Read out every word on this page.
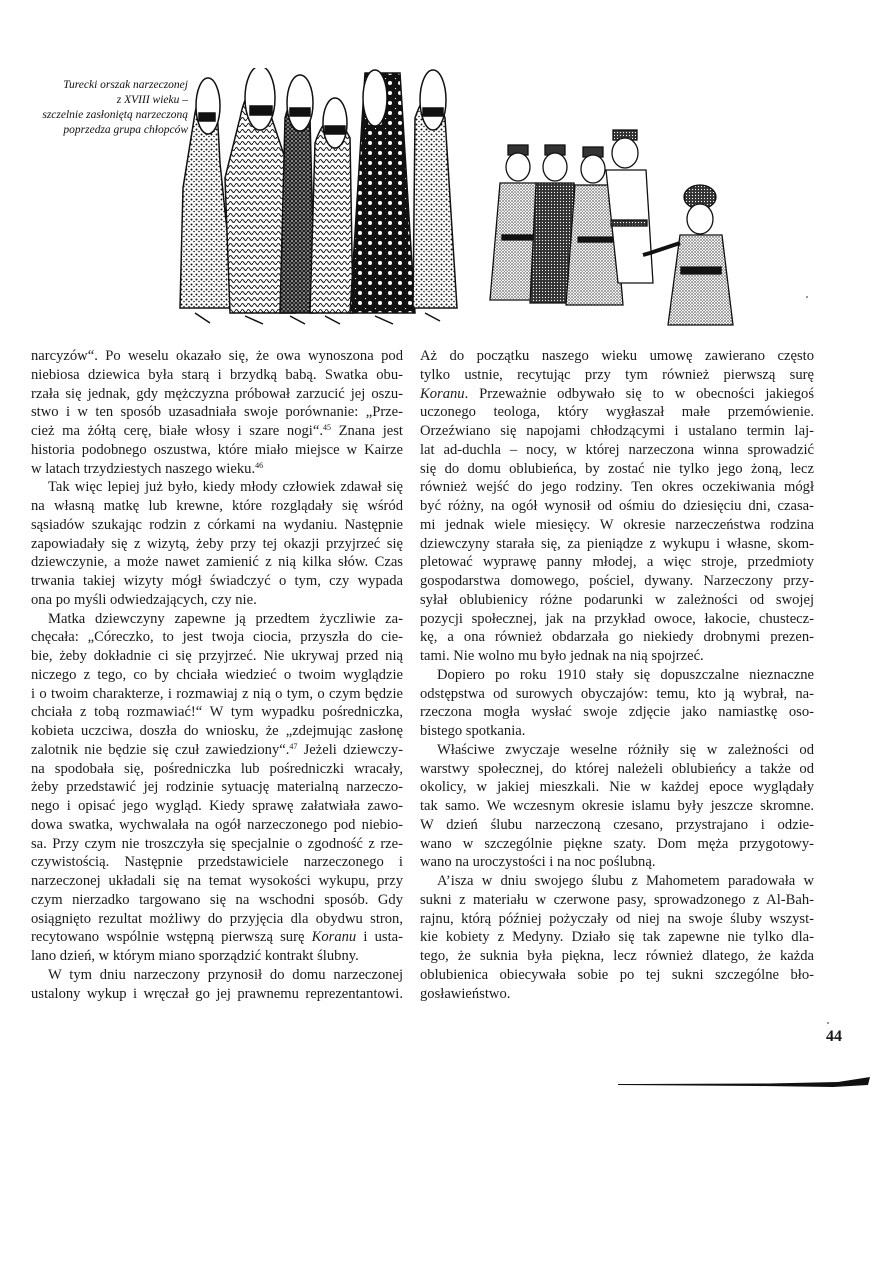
Turecki orszak narzeczonej
z XVIII wieku –
szczelnie zasłoniętą narzeczoną
poprzedza grupa chłopców
narcyzów“. Po weselu okazało się, że owa wynoszona pod
niebiosa dziewica była starą i brzydką babą. Swatka obu-
rzała się jednak, gdy mężczyzna próbował zarzucić jej oszu-
stwo i w ten sposób uzasadniała swoje porównanie: „Prze-
cież ma żółtą cerę, białe włosy i szare nogi“.$^{45}$ Znana jest
historia podobnego oszustwa, które miało miejsce w Kairze
w latach trzydziestych naszego wieku.$^{46}$
Tak więc lepiej już było, kiedy młody człowiek zdawał się
na własną matkę lub krewne, które rozglądały się wśród
sąsiadów szukając rodzin z córkami na wydaniu. Następnie
zapowiadały się z wizytą, żeby przy tej okazji przyjrzeć się
dziewczynie, a może nawet zamienić z nią kilka słów. Czas
trwania takiej wizyty mógł świadczyć o tym, czy wypada
ona po myśli odwiedzających, czy nie.
Matka dziewczyny zapewne ją przedtem życzliwie za-
chęcała: „Córeczko, to jest twoja ciocia, przyszła do cie-
bie, żeby dokładnie ci się przyjrzeć. Nie ukrywaj przed nią
niczego z tego, co by chciała wiedzieć o twoim wyglądzie
i o twoim charakterze, i rozmawiaj z nią o tym, o czym będzie
chciała z tobą rozmawiać!“ W tym wypadku pośredniczka,
kobieta uczciwa, doszła do wniosku, że „zdejmując zasłonę
zalotnik nie będzie się czuł zawiedziony“.$^{47}$ Jeżeli dziewczy-
na spodobała się, pośredniczka lub pośredniczki wracały,
żeby przedstawić jej rodzinie sytuację materialną narzeczo-
nego i opisać jego wygląd. Kiedy sprawę załatwiała zawo-
dowa swatka, wychwalała na ogół narzeczonego pod niebio-
sa. Przy czym nie troszczyła się specjalnie o zgodność z rze-
czywistością. Następnie przedstawiciele narzeczonego i
narzeczonej układali się na temat wysokości wykupu, przy
czym nierzadko targowano się na wschodni sposób. Gdy
osiągnięto rezultat możliwy do przyjęcia dla obydwu stron,
recytowano wspólnie wstępną pierwszą surę Koranu i usta-
lano dzień, w którym miano sporządzić kontrakt ślubny.
W tym dniu narzeczony przynosił do domu narzeczonej
ustalony wykup i wręczał go jej prawnemu reprezentantowi.
Aż do początku naszego wieku umowę zawierano często
tylko ustnie, recytując przy tym również pierwszą surę
Koranu. Przeważnie odbywało się to w obecności jakiegoś
uczonego teologa, który wygłaszał małe przemówienie.
Orzeźwiano się napojami chłodzącymi i ustalano termin laj-
lat ad-duchla – nocy, w której narzeczona winna sprowadzić
się do domu oblubieńca, by zostać nie tylko jego żoną, lecz
również wejść do jego rodziny. Ten okres oczekiwania mógł
być różny, na ogół wynosił od ośmiu do dziesięciu dni, czasa-
mi jednak wiele miesięcy. W okresie narzeczeństwa rodzina
dziewczyny starała się, za pieniądze z wykupu i własne, skom-
pletować wyprawę panny młodej, a więc stroje, przedmioty
gospodarstwa domowego, pościel, dywany. Narzeczony przy-
syłał oblubienicy różne podarunki w zależności od swojej
pozycji społecznej, jak na przykład owoce, łakocie, chustecz-
kę, a ona również obdarzała go niekiedy drobnymi prezen-
tami. Nie wolno mu było jednak na nią spojrzeć.
Dopiero po roku 1910 stały się dopuszczalne nieznaczne
odstępstwa od surowych obyczajów: temu, kto ją wybrał, na-
rzeczona mogła wysłać swoje zdjęcie jako namiastkę oso-
bistego spotkania.
Właściwe zwyczaje weselne różniły się w zależności od
warstwy społecznej, do której należeli oblubieńcy a także od
okolicy, w jakiej mieszkali. Nie w każdej epoce wyglądały
tak samo. We wczesnym okresie islamu były jeszcze skromne.
W dzień ślubu narzeczoną czesano, przystrajano i odzie-
wano w szczególnie piękne szaty. Dom męża przygotowy-
wano na uroczystości i na noc poślubną.
A’isza w dniu swojego ślubu z Mahometem paradowała w
sukni z materiału w czerwone pasy, sprowadzonego z Al-Bah-
rajnu, którą później pożyczały od niej na swoje śluby wszyst-
kie kobiety z Medyny. Działo się tak zapewne nie tylko dla-
tego, że suknia była piękna, lecz również dlatego, że każda
oblubienica obiecywała sobie po tej sukni szczególne bło-
gosławieństwo.
44
